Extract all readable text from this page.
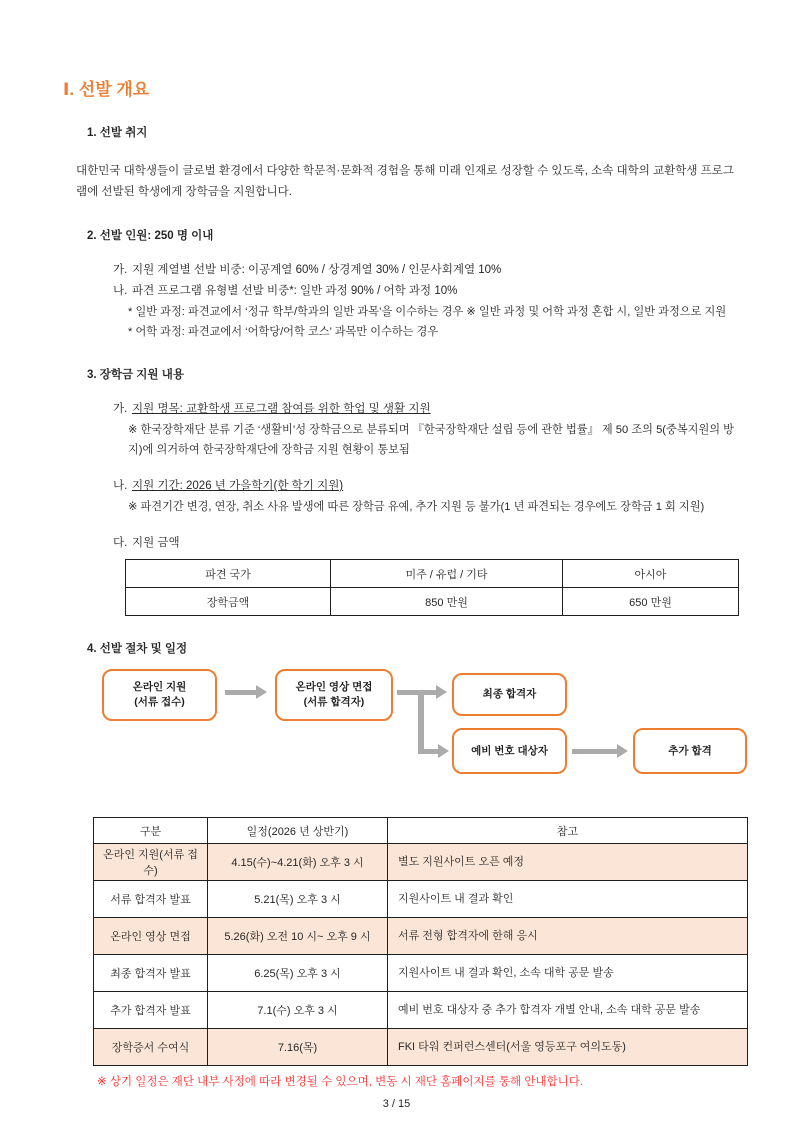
Ⅰ. 선발 개요
1. 선발 취지

대한민국 대학생들이 글로벌 환경에서 다양한 학문적·문화적 경험을 통해 미래 인재로 성장할 수 있도록, 소속 대학의 교환학생 프로그램에 선발된 학생에게 장학금을 지원합니다.

2. 선발 인원: 250 명 이내
가. 지원 계열별 선발 비중: 이공계열 60% / 상경계열 30% / 인문사회계열 10%
나. 파견 프로그램 유형별 선발 비중*: 일반 과정 90% / 어학 과정 10%
* 일반 과정: 파견교에서 ‘정규 학부/학과의 일반 과목’을 이수하는 경우 ※ 일반 과정 및 어학 과정 혼합 시, 일반 과정으로 지원
* 어학 과정: 파견교에서 ‘어학당/어학 코스’ 과목만 이수하는 경우
3. 장학금 지원 내용
가. 지원 명목: 교환학생 프로그램 참여를 위한 학업 및 생활 지원
※ 한국장학재단 분류 기준 ‘생활비’성 장학금으로 분류되며 『한국장학재단 설립 등에 관한 법률』 제 50 조의 5(중복지원의 방지)에 의거하여 한국장학재단에 장학금 지원 현황이 통보됨
나. 지원 기간: 2026 년 가을학기(한 학기 지원)
※ 파견기간 변경, 연장, 취소 사유 발생에 따른 장학금 유예, 추가 지원 등 불가(1 년 파견되는 경우에도 장학금 1 회 지원)
다. 지원 금액
파견 국가	미주 / 유럽 / 기타	아시아
장학금액	850 만원	650 만원
4. 선발 절차 및 일정
온라인 지원
(서류 접수)
온라인 영상 면접
(서류 합격자)
최종 합격자
예비 번호 대상자	추가 합격
구분	일정(2026 년 상반기)	참고
온라인 지원(서류 접수)	4.15(수)~4.21(화) 오후 3 시	별도 지원사이트 오픈 예정
서류 합격자 발표	5.21(목) 오후 3 시	지원사이트 내 결과 확인
온라인 영상 면접	5.26(화) 오전 10 시~ 오후 9 시	서류 전형 합격자에 한해 응시
최종 합격자 발표	6.25(목) 오후 3 시	지원사이트 내 결과 확인, 소속 대학 공문 발송
추가 합격자 발표	7.1(수) 오후 3 시	예비 번호 대상자 중 추가 합격자 개별 안내, 소속 대학 공문 발송
장학증서 수여식	7.16(목)	FKI 타워 컨퍼런스센터(서울 영등포구 여의도동)
※ 상기 일정은 재단 내부 사정에 따라 변경될 수 있으며, 변동 시 재단 홈페이지를 통해 안내합니다.
3 / 15
